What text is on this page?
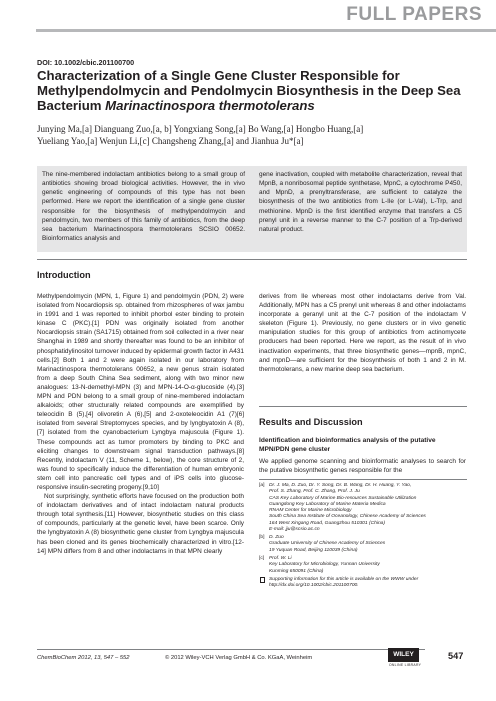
FULL PAPERS
DOI: 10.1002/cbic.201100700
Characterization of a Single Gene Cluster Responsible for Methylpendolmycin and Pendolmycin Biosynthesis in the Deep Sea Bacterium Marinactinospora thermotolerans
Junying Ma,[a] Dianguang Zuo,[a, b] Yongxiang Song,[a] Bo Wang,[a] Hongbo Huang,[a]
Yueliang Yao,[a] Wenjun Li,[c] Changsheng Zhang,[a] and Jianhua Ju*[a]
The nine-membered indolactam antibiotics belong to a small group of antibiotics showing broad biological activities. However, the in vivo genetic engineering of compounds of this type has not been performed. Here we report the identification of a single gene cluster responsible for the biosynthesis of methylpendolmycin and pendolmycin, two members of this family of antibiotics, from the deep sea bacterium Marinactinospora thermotolerans SCSIO 00652. Bioinformatics analysis and
gene inactivation, coupled with metabolite characterization, reveal that MpnB, a nonribosomal peptide synthetase, MpnC, a cytochrome P450, and MpnD, a prenyltransferase, are sufficient to catalyze the biosynthesis of the two antibiotics from L-Ile (or L-Val), L-Trp, and methionine. MpnD is the first identified enzyme that transfers a C5 prenyl unit in a reverse manner to the C-7 position of a Trp-derived natural product.
Introduction

Methylpendolmycin (MPN, 1, Figure 1) and pendolmycin (PDN, 2) were isolated from Nocardiopsis sp. obtained from rhizospheres of wax jambu in 1991 and 1 was reported to inhibit phorbol ester binding to protein kinase C (PKC).[1] PDN was originally isolated from another Nocardiopsis strain (SA1715) obtained from soil collected in a river near Shanghai in 1989 and shortly thereafter was found to be an inhibitor of phosphatidylinositol turnover induced by epidermal growth factor in A431 cells.[2] Both 1 and 2 were again isolated in our laboratory from Marinactinospora thermotolerans 00652, a new genus strain isolated from a deep South China Sea sediment, along with two minor new analogues: 13-N-demethyl-MPN (3) and MPN-14-O-α-glucoside (4).[3] MPN and PDN belong to a small group of nine-membered indolactam alkaloids; other structurally related compounds are exemplified by teleocidin B (5),[4] olivoretin A (6),[5] and 2-oxoteleocidin A1 (7)[6] isolated from several Streptomyces species, and by lyngbyatoxin A (8),[7] isolated from the cyanobacterium Lyngbya majuscula (Figure 1). These compounds act as tumor promoters by binding to PKC and eliciting changes to downstream signal transduction pathways.[8] Recently, indolactam V (11, Scheme 1, below), the core structure of 2, was found to specifically induce the differentiation of human embryonic stem cell into pancreatic cell types and of iPS cells into glucose-responsive insulin-secreting progeny.[9,10]

Not surprisingly, synthetic efforts have focused on the production both of indolactam derivatives and of intact indolactam natural products through total synthesis.[11] However, biosynthetic studies on this class of compounds, particularly at the genetic level, have been scarce. Only the lyngbyatoxin A (8) biosynthetic gene cluster from Lyngbya majuscula has been cloned and its genes biochemically characterized in vitro.[12-14] MPN differs from 8 and other indolactams in that MPN clearly

derives from Ile whereas most other indolactams derive from Val. Additionally, MPN has a C5 prenyl unit whereas 8 and other indolactams incorporate a geranyl unit at the C-7 position of the indolactam V skeleton (Figure 1). Previously, no gene clusters or in vivo genetic manipulation studies for this group of antibiotics from actinomycete producers had been reported. Here we report, as the result of in vivo inactivation experiments, that three biosynthetic genes—mpnB, mpnC, and mpnD—are sufficient for the biosynthesis of both 1 and 2 in M. thermotolerans, a new marine deep sea bacterium.

Results and Discussion
Identification and bioinformatics analysis of the putative MPN/PDN gene cluster
We applied genome scanning and bioinformatic analyses to search for the putative biosynthetic genes responsible for the
[a] Dr. J. Ma, D. Zuo, Dr. Y. Song, Dr. B. Wang, Dr. H. Huang, Y. Yao,
Prof. S. Zhang, Prof. C. Zhang, Prof. J. Ju
CAS Key Laboratory of Marine Bio-resources Sustainable Utilization
Guangdong Key Laboratory of Marine Materia Medica
RNAM Center for Marine Microbiology
South China Sea Institute of Oceanology, Chinese Academy of Sciences
164 West Xingang Road, Guangzhou 510301 (China)
E-mail: jju@scsio.ac.cn
[b] D. Zuo
Graduate University of Chinese Academy of Sciences
19 Yuquan Road, Beijing 110039 (China)
[c] Prof. W. Li
Key Laboratory for Microbiology, Yunnan University
Kunming 650091 (China)
Supporting information for this article is available on the WWW under
http://dx.doi.org/10.1002/cbic.201100700.
ChemBioChem 2012, 13, 547 – 552	© 2012 Wiley-VCH Verlag GmbH & Co. KGaA, Weinheim	WILEY
ONLINE LIBRARY
547
